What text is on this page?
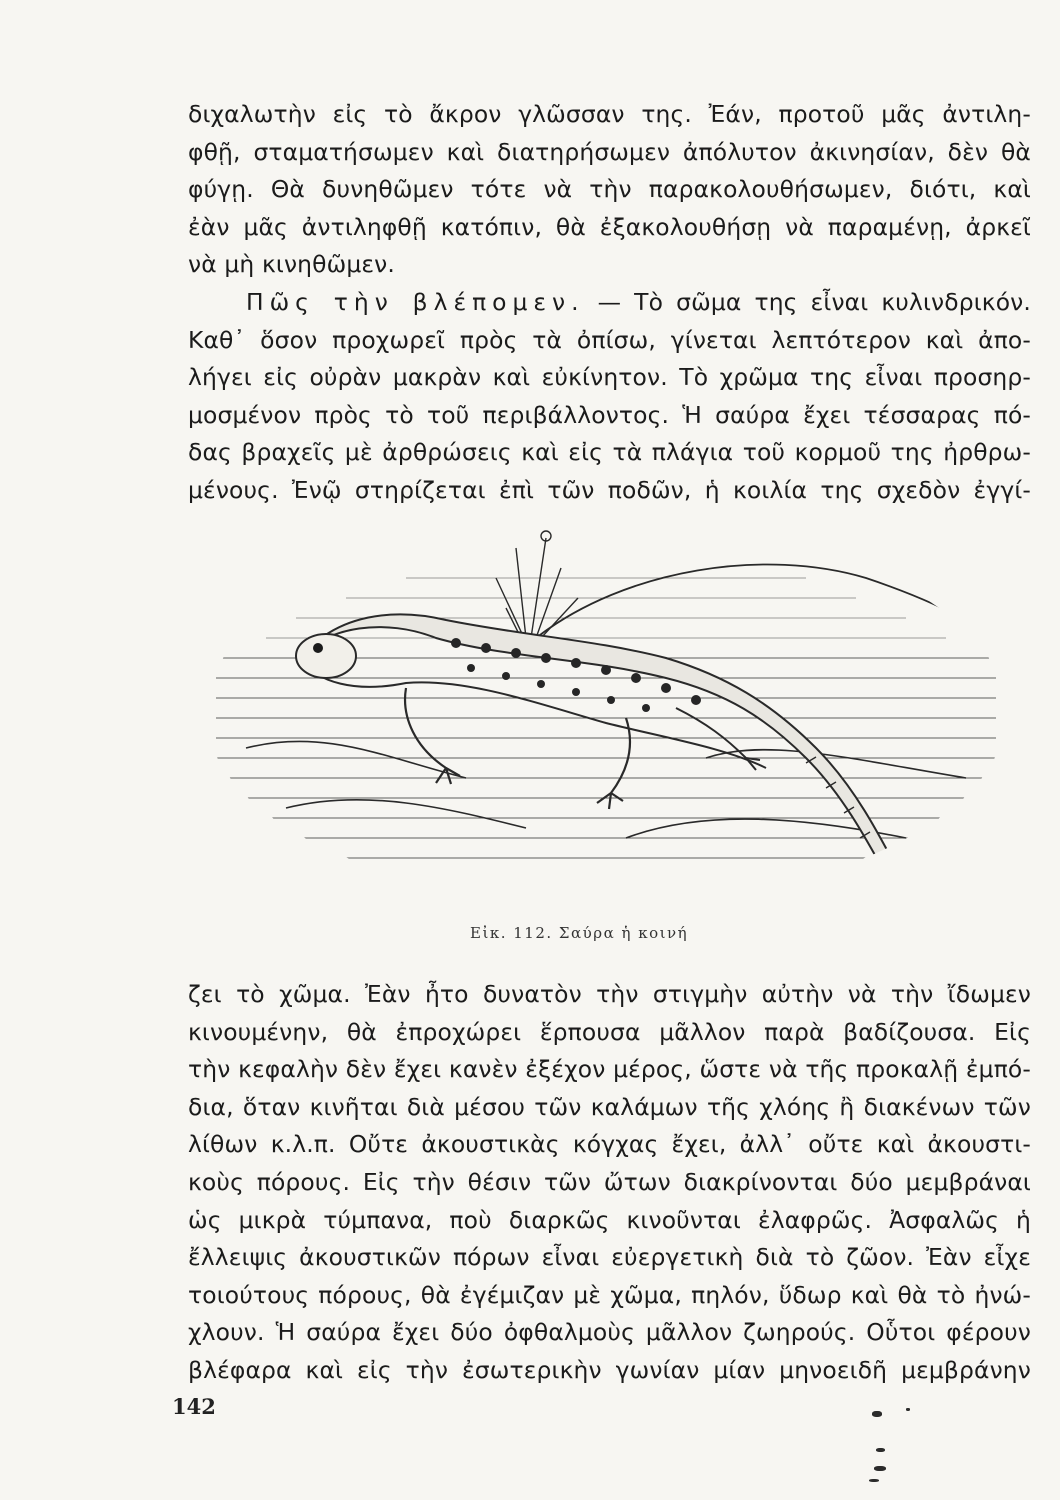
διχαλωτὴν εἰς τὸ ἄκρον γλῶσσαν της. Ἐάν, προτοῦ μᾶς ἀντιλη-
φθῇ, σταματήσωμεν καὶ διατηρήσωμεν ἀπόλυτον ἀκινησίαν, δὲν θὰ
φύγῃ. Θὰ δυνηθῶμεν τότε νὰ τὴν παρακολουθήσωμεν, διότι, καὶ
ἐὰν μᾶς ἀντιληφθῇ κατόπιν, θὰ ἐξακολουθήσῃ νὰ παραμένῃ, ἀρκεῖ
νὰ μὴ κινηθῶμεν.
Πῶς τὴν βλέπομεν. — Τὸ σῶμα της εἶναι κυλινδρικόν.
Καθ᾽ ὅσον προχωρεῖ πρὸς τὰ ὀπίσω, γίνεται λεπτότερον καὶ ἀπο-
λήγει εἰς οὐρὰν μακρὰν καὶ εὐκίνητον. Τὸ χρῶμα της εἶναι προσηρ-
μοσμένον πρὸς τὸ τοῦ περιβάλλοντος. Ἡ σαύρα ἔχει τέσσαρας πό-
δας βραχεῖς μὲ ἀρθρώσεις καὶ εἰς τὰ πλάγια τοῦ κορμοῦ της ἠρθρω-
μένους. Ἐνῷ στηρίζεται ἐπὶ τῶν ποδῶν, ἡ κοιλία της σχεδὸν ἐγγί-
Εἰκ. 112. Σαύρα ἡ κοινή
ζει τὸ χῶμα. Ἐὰν ἦτο δυνατὸν τὴν στιγμὴν αὐτὴν νὰ τὴν ἴδωμεν
κινουμένην, θὰ ἐπροχώρει ἕρπουσα μᾶλλον παρὰ βαδίζουσα. Εἰς
τὴν κεφαλὴν δὲν ἔχει κανὲν ἐξέχον μέρος, ὥστε νὰ τῆς προκαλῇ ἐμπό-
δια, ὅταν κινῆται διὰ μέσου τῶν καλάμων τῆς χλόης ἢ διακένων τῶν
λίθων κ.λ.π. Οὔτε ἀκουστικὰς κόγχας ἔχει, ἀλλ᾽ οὔτε καὶ ἀκουστι-
κοὺς πόρους. Εἰς τὴν θέσιν τῶν ὤτων διακρίνονται δύο μεμβράναι
ὡς μικρὰ τύμπανα, ποὺ διαρκῶς κινοῦνται ἐλαφρῶς. Ἀσφαλῶς ἡ
ἔλλειψις ἀκουστικῶν πόρων εἶναι εὐεργετικὴ διὰ τὸ ζῶον. Ἐὰν εἶχε
τοιούτους πόρους, θὰ ἐγέμιζαν μὲ χῶμα, πηλόν, ὕδωρ καὶ θὰ τὸ ἠνώ-
χλουν. Ἡ σαύρα ἔχει δύο ὀφθαλμοὺς μᾶλλον ζωηρούς. Οὗτοι φέρουν
βλέφαρα καὶ εἰς τὴν ἐσωτερικὴν γωνίαν μίαν μηνοειδῆ μεμβράνην
142
